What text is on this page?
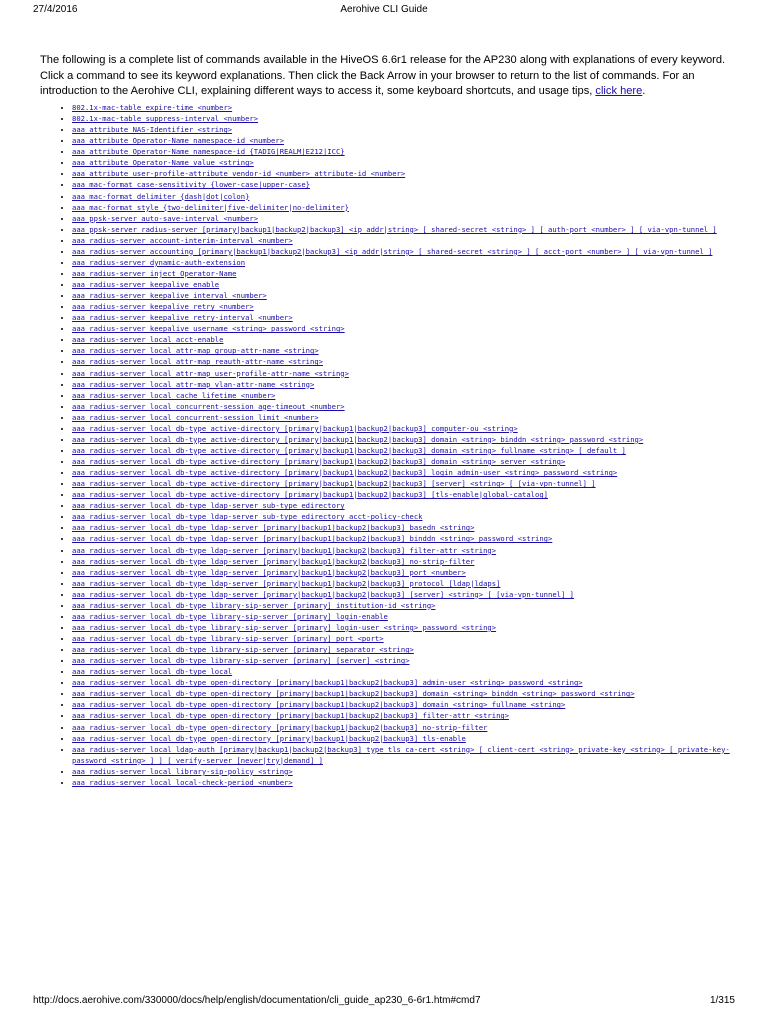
27/4/2016	Aerohive CLI Guide

The following is a complete list of commands available in the HiveOS 6.6r1 release for the AP230 along with explanations of every keyword. Click a command to see its keyword explanations. Then click the Back Arrow in your browser to return to the list of commands. For an introduction to the Aerohive CLI, explaining different ways to access it, some keyboard shortcuts, and usage tips, click here.

• 802.1x-mac-table expire-time <number>
• 802.1x-mac-table suppress-interval <number>
• aaa attribute NAS-Identifier <string>
• aaa attribute Operator-Name namespace-id <number>
• aaa attribute Operator-Name namespace-id {TADIG|REALM|E212|ICC}
• aaa attribute Operator-Name value <string>
• aaa attribute user-profile-attribute vendor-id <number> attribute-id <number>
• aaa mac-format case-sensitivity {lower-case|upper-case}
• aaa mac-format delimiter {dash|dot|colon}
• aaa mac-format style {two-delimiter|five-delimiter|no-delimiter}
• aaa ppsk-server auto-save-interval <number>
• aaa ppsk-server radius-server [primary|backup1|backup2|backup3] <ip_addr|string> [ shared-secret <string> ] [ auth-port <number> ] [ via-vpn-tunnel ]
• aaa radius-server account-interim-interval <number>
• aaa radius-server accounting [primary|backup1|backup2|backup3] <ip_addr|string> [ shared-secret <string> ] [ acct-port <number> ] [ via-vpn-tunnel ]
• aaa radius-server dynamic-auth-extension
• aaa radius-server inject Operator-Name
• aaa radius-server keepalive enable
• aaa radius-server keepalive interval <number>
• aaa radius-server keepalive retry <number>
• aaa radius-server keepalive retry-interval <number>
• aaa radius-server keepalive username <string> password <string>
• aaa radius-server local acct-enable
• aaa radius-server local attr-map group-attr-name <string>
• aaa radius-server local attr-map reauth-attr-name <string>
• aaa radius-server local attr-map user-profile-attr-name <string>
• aaa radius-server local attr-map vlan-attr-name <string>
• aaa radius-server local cache lifetime <number>
• aaa radius-server local concurrent-session age-timeout <number>
• aaa radius-server local concurrent-session limit <number>
• aaa radius-server local db-type active-directory [primary|backup1|backup2|backup3] computer-ou <string>
• aaa radius-server local db-type active-directory [primary|backup1|backup2|backup3] domain <string> binddn <string> password <string>
• aaa radius-server local db-type active-directory [primary|backup1|backup2|backup3] domain <string> fullname <string> [ default ]
• aaa radius-server local db-type active-directory [primary|backup1|backup2|backup3] domain <string> server <string>
• aaa radius-server local db-type active-directory [primary|backup1|backup2|backup3] login admin-user <string> password <string>
• aaa radius-server local db-type active-directory [primary|backup1|backup2|backup3] [server] <string> [ [via-vpn-tunnel] ]
• aaa radius-server local db-type active-directory [primary|backup1|backup2|backup3] [tls-enable|global-catalog]
• aaa radius-server local db-type ldap-server sub-type edirectory
• aaa radius-server local db-type ldap-server sub-type edirectory acct-policy-check
• aaa radius-server local db-type ldap-server [primary|backup1|backup2|backup3] basedn <string>
• aaa radius-server local db-type ldap-server [primary|backup1|backup2|backup3] binddn <string> password <string>
• aaa radius-server local db-type ldap-server [primary|backup1|backup2|backup3] filter-attr <string>
• aaa radius-server local db-type ldap-server [primary|backup1|backup2|backup3] no-strip-filter
• aaa radius-server local db-type ldap-server [primary|backup1|backup2|backup3] port <number>
• aaa radius-server local db-type ldap-server [primary|backup1|backup2|backup3] protocol [ldap|ldaps]
• aaa radius-server local db-type ldap-server [primary|backup1|backup2|backup3] [server] <string> [ [via-vpn-tunnel] ]
• aaa radius-server local db-type library-sip-server [primary] institution-id <string>
• aaa radius-server local db-type library-sip-server [primary] login-enable
• aaa radius-server local db-type library-sip-server [primary] login-user <string> password <string>
• aaa radius-server local db-type library-sip-server [primary] port <port>
• aaa radius-server local db-type library-sip-server [primary] separator <string>
• aaa radius-server local db-type library-sip-server [primary] [server] <string>
• aaa radius-server local db-type local
• aaa radius-server local db-type open-directory [primary|backup1|backup2|backup3] admin-user <string> password <string>
• aaa radius-server local db-type open-directory [primary|backup1|backup2|backup3] domain <string> binddn <string> password <string>
• aaa radius-server local db-type open-directory [primary|backup1|backup2|backup3] domain <string> fullname <string>
• aaa radius-server local db-type open-directory [primary|backup1|backup2|backup3] filter-attr <string>
• aaa radius-server local db-type open-directory [primary|backup1|backup2|backup3] no-strip-filter
• aaa radius-server local db-type open-directory [primary|backup1|backup2|backup3] tls-enable
• aaa radius-server local ldap-auth [primary|backup1|backup2|backup3] type tls ca-cert <string> [ client-cert <string> private-key <string> [ private-key-password <string> ] ] [ verify-server [never|try|demand] ]
• aaa radius-server local library-sip-policy <string>
• aaa radius-server local local-check-period <number>
http://docs.aerohive.com/330000/docs/help/english/documentation/cli_guide_ap230_6-6r1.htm#cmd7	1/315
